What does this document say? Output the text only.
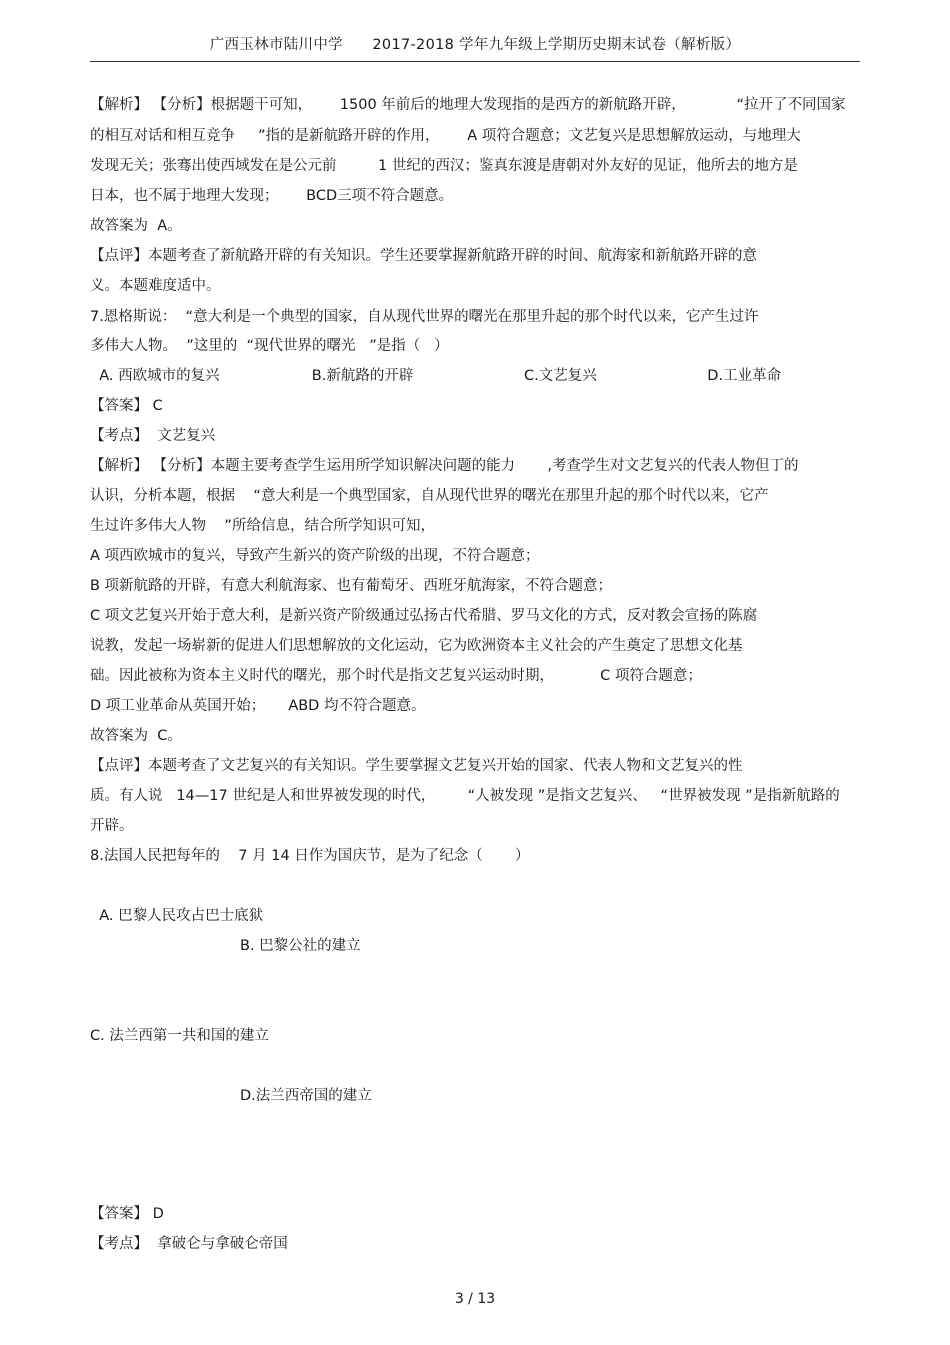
广西玉林市陆川中学      2017-2018 学年九年级上学期历史期末试卷（解析版）
【解析】 【分析】根据题干可知，      1500 年前后的地理大发现指的是西方的新航路开辟，           “拉开了不同国家
的相互对话和相互竞争     ”指的是新航路开辟的作用，      A 项符合题意；文艺复兴是思想解放运动，与地理大
发现无关；张骞出使西域发在是公元前         1 世纪的西汉；鉴真东渡是唐朝对外友好的见证，他所去的地方是
日本，也不属于地理大发现；      BCD三项不符合题意。
故答案为  A。
【点评】本题考查了新航路开辟的有关知识。学生还要掌握新航路开辟的时间、航海家和新航路开辟的意
义。本题难度适中。
7.恩格斯说：  “意大利是一个典型的国家，自从现代世界的曙光在那里升起的那个时代以来，它产生过许
多伟大人物。  ”这里的  “现代世界的曙光   ”是指（   ）
A. 西欧城市的复兴                    B.新航路的开辟                        C.文艺复兴                        D.工业革命
【答案】 C
【考点】  文艺复兴
【解析】 【分析】本题主要考查学生运用所学知识解决问题的能力       ,考查学生对文艺复兴的代表人物但丁的
认识，分析本题，根据    “意大利是一个典型国家，自从现代世界的曙光在那里升起的那个时代以来，它产
生过许多伟大人物    ”所给信息，结合所学知识可知，
A 项西欧城市的复兴，导致产生新兴的资产阶级的出现，不符合题意；
B 项新航路的开辟，有意大利航海家、也有葡萄牙、西班牙航海家，不符合题意；
C 项文艺复兴开始于意大利，是新兴资产阶级通过弘扬古代希腊、罗马文化的方式，反对教会宣扬的陈腐
说教，发起一场崭新的促进人们思想解放的文化运动，它为欧洲资本主义社会的产生奠定了思想文化基
础。因此被称为资本主义时代的曙光，那个时代是指文艺复兴运动时期，          C 项符合题意；
D 项工业革命从英国开始；     ABD 均不符合题意。
故答案为  C。
【点评】本题考查了文艺复兴的有关知识。学生要掌握文艺复兴开始的国家、代表人物和文艺复兴的性
质。有人说   14—17 世纪是人和世界被发现的时代，       “人被发现 ”是指文艺复兴、   “世界被发现 ”是指新航路的
开辟。
8.法国人民把每年的    7 月 14 日作为国庆节，是为了纪念（       ）
A. 巴黎人民攻占巴士底狱
B. 巴黎公社的建立
C. 法兰西第一共和国的建立
D.法兰西帝国的建立
【答案】 D
【考点】  拿破仑与拿破仑帝国
3 / 13
